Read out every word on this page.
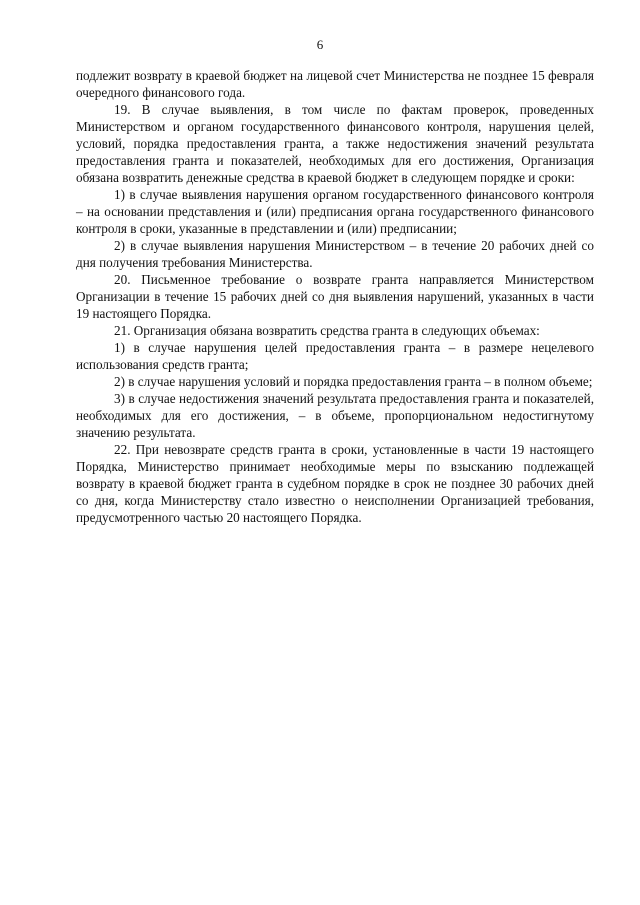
6

подлежит возврату в краевой бюджет на лицевой счет Министерства не позднее 15 февраля очередного финансового года.

19. В случае выявления, в том числе по фактам проверок, проведенных Министерством и органом государственного финансового контроля, нарушения целей, условий, порядка предоставления гранта, а также недостижения значений результата предоставления гранта и показателей, необходимых для его достижения, Организация обязана возвратить денежные средства в краевой бюджет в следующем порядке и сроки:

1) в случае выявления нарушения органом государственного финансового контроля – на основании представления и (или) предписания органа государственного финансового контроля в сроки, указанные в представлении и (или) предписании;

2) в случае выявления нарушения Министерством – в течение 20 рабочих дней со дня получения требования Министерства.

20. Письменное требование о возврате гранта направляется Министерством Организации в течение 15 рабочих дней со дня выявления нарушений, указанных в части 19 настоящего Порядка.

21. Организация обязана возвратить средства гранта в следующих объемах:

1) в случае нарушения целей предоставления гранта – в размере нецелевого использования средств гранта;

2) в случае нарушения условий и порядка предоставления гранта – в полном объеме;

3) в случае недостижения значений результата предоставления гранта и показателей, необходимых для его достижения, – в объеме, пропорциональном недостигнутому значению результата.

22. При невозврате средств гранта в сроки, установленные в части 19 настоящего Порядка, Министерство принимает необходимые меры по взысканию подлежащей возврату в краевой бюджет гранта в судебном порядке в срок не позднее 30 рабочих дней со дня, когда Министерству стало известно о неисполнении Организацией требования, предусмотренного частью 20 настоящего Порядка.
